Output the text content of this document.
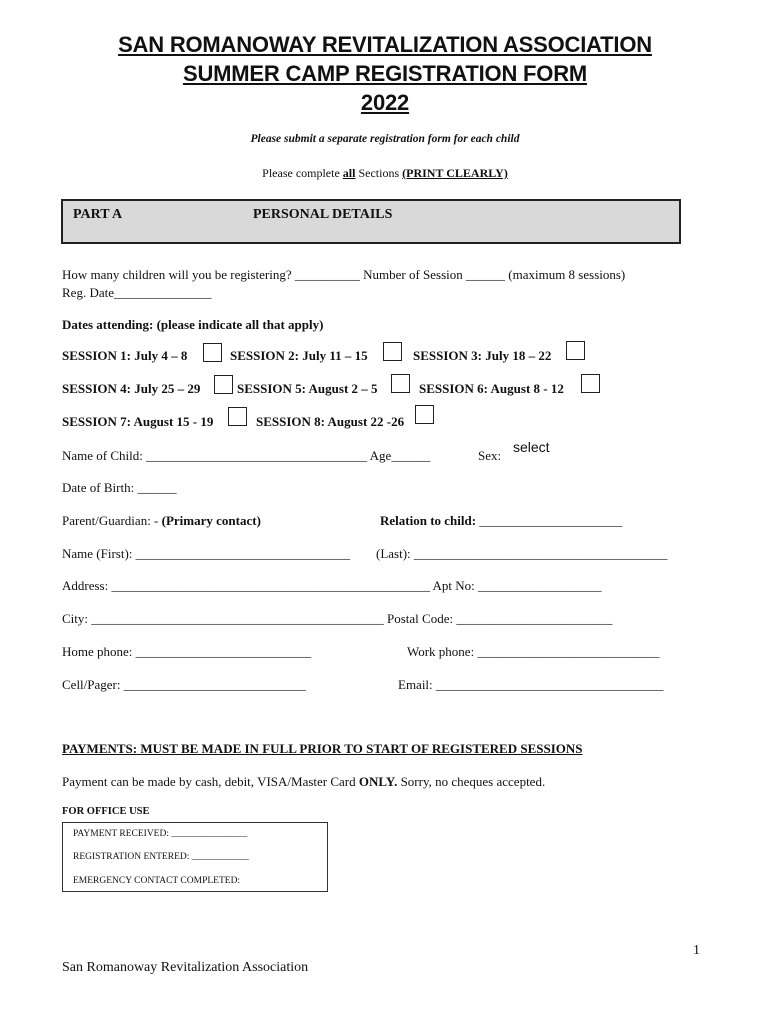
SAN ROMANOWAY REVITALIZATION ASSOCIATION
SUMMER CAMP REGISTRATION FORM
2022
Please submit a separate registration form for each child
Please complete all Sections (PRINT CLEARLY)
PART A	PERSONAL DETAILS
How many children will you be registering? __________ Number of Session ______ (maximum 8 sessions)
Reg. Date_______________
Dates attending: (please indicate all that apply)
SESSION 1: July 4 – 8	SESSION 2: July 11 – 15	SESSION 3: July 18 – 22
SESSION 4: July 25 – 29	SESSION 5: August 2 – 5	SESSION 6: August 8 - 12
SESSION 7: August 15 - 19	SESSION 8: August 22 -26
Name of Child: __________________________________ Age______	Sex:
select
Date of Birth: ______
Parent/Guardian: - (Primary contact)	Relation to child: ______________________
Name (First): _________________________________ (Last): _______________________________________
Address: _________________________________________________ Apt No: ___________________
City: _____________________________________________ Postal Code: ________________________
Home phone: ___________________________	Work phone: ____________________________
Cell/Pager: ____________________________	Email: ___________________________________
PAYMENTS: MUST BE MADE IN FULL PRIOR TO START OF REGISTERED SESSIONS
Payment can be made by cash, debit, VISA/Master Card ONLY. Sorry, no cheques accepted.
FOR OFFICE USE
PAYMENT RECEIVED: ________________
REGISTRATION ENTERED: ____________
EMERGENCY CONTACT COMPLETED:
1
San Romanoway Revitalization Association
